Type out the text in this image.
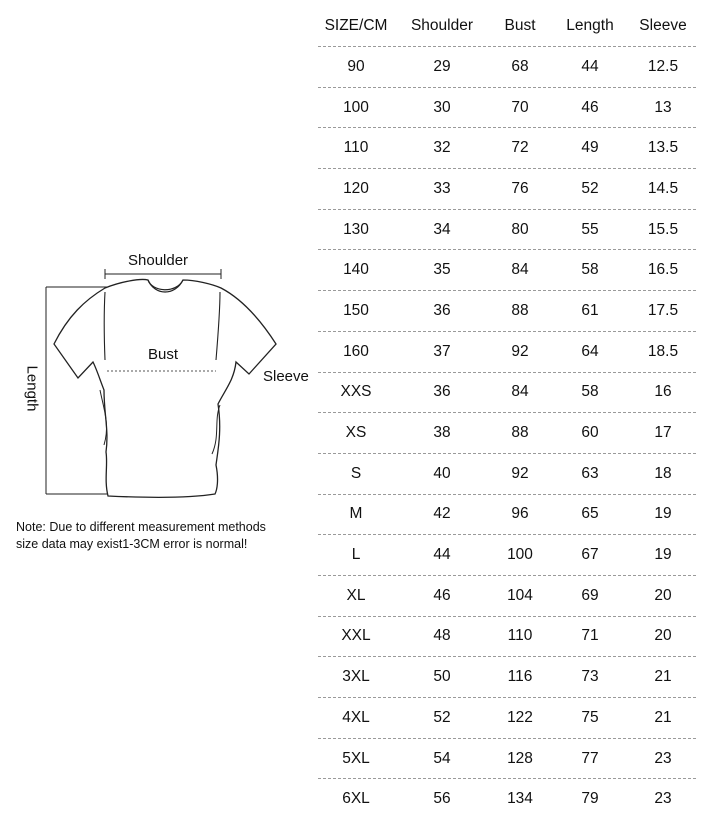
Shoulder
Bust
Sleeve
Length
Note: Due to different measurement methods
size data may exist1-3CM error is normal!
SIZE/CM	Shoulder	Bust	Length	Sleeve
90	29	68	44	12.5
100	30	70	46	13
110	32	72	49	13.5
120	33	76	52	14.5
130	34	80	55	15.5
140	35	84	58	16.5
150	36	88	61	17.5
160	37	92	64	18.5
XXS	36	84	58	16
XS	38	88	60	17
S	40	92	63	18
M	42	96	65	19
L	44	100	67	19
XL	46	104	69	20
XXL	48	110	71	20
3XL	50	116	73	21
4XL	52	122	75	21
5XL	54	128	77	23
6XL	56	134	79	23
